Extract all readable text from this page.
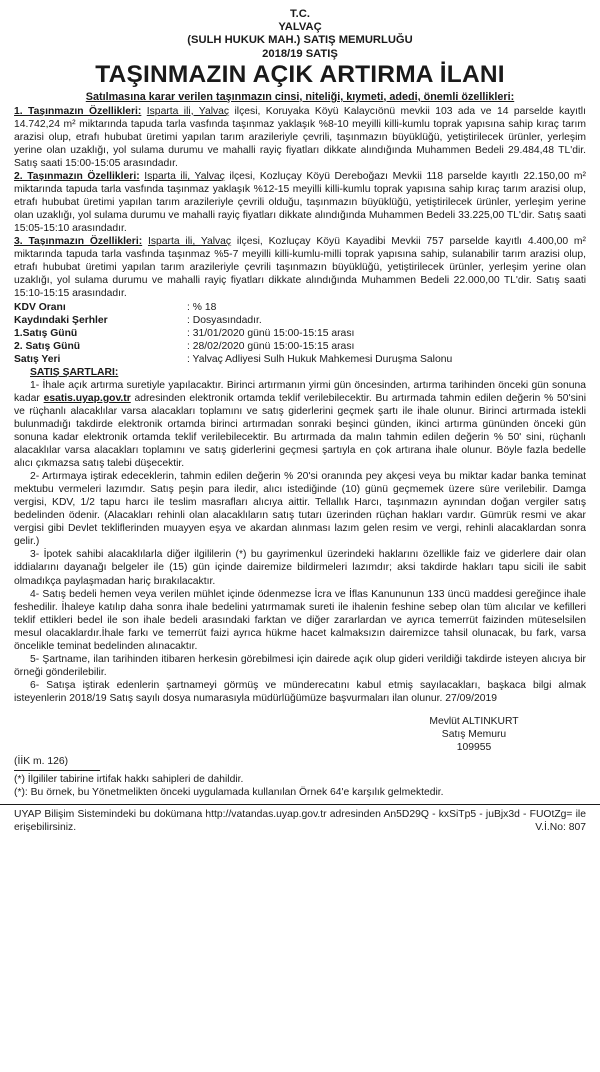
T.C.
YALVAÇ
(SULH HUKUK MAH.) SATIŞ MEMURLUĞU
2018/19 SATIŞ
TAŞINMAZIN AÇIK ARTIRMA İLANI
Satılmasına karar verilen taşınmazın cinsi, niteliği, kıymeti, adedi, önemli özellikleri:

1. Taşınmazın Özellikleri: Isparta ili, Yalvaç ilçesi, Koruyaka Köyü Kalaycıönü mevkii 103 ada ve 14 parselde kayıtlı 14.742,24 m² miktarında tapuda tarla vasfında taşınmaz yaklaşık %8-10 meyilli killi-kumlu toprak yapısına sahip kıraç tarım arazisi olup, etrafı hububat üretimi yapılan tarım arazileriyle çevrili, taşınmazın büyüklüğü, yetiştirilecek ürünler, yerleşim yerine olan uzaklığı, yol sulama durumu ve mahalli rayiç fiyatları dikkate alındığında Muhammen Bedeli 29.484,48 TL'dir. Satış saati 15:00-15:05 arasındadır.

2. Taşınmazın Özellikleri: Isparta ili, Yalvaç ilçesi, Kozluçay Köyü Dereboğazı Mevkii 118 parselde kayıtlı 22.150,00 m² miktarında tapuda tarla vasfında taşınmaz yaklaşık %12-15 meyilli killi-kumlu toprak yapısına sahip kıraç tarım arazisi olup, etrafı hububat üretimi yapılan tarım arazileriyle çevrili olduğu, taşınmazın büyüklüğü, yetiştirilecek ürünler, yerleşim yerine olan uzaklığı, yol sulama durumu ve mahalli rayiç fiyatları dikkate alındığında Muhammen Bedeli 33.225,00 TL'dir. Satış saati 15:05-15:10 arasındadır.

3. Taşınmazın Özellikleri: Isparta ili, Yalvaç ilçesi, Kozluçay Köyü Kayadibi Mevkii 757 parselde kayıtlı 4.400,00 m² miktarında tapuda tarla vasfında taşınmaz %5-7 meyilli killi-kumlu-milli toprak yapısına sahip, sulanabilir tarım arazisi olup, etrafı hububat üretimi yapılan tarım arazileriyle çevrili taşınmazın büyüklüğü, yetiştirilecek ürünler, yerleşim yerine olan uzaklığı, yol sulama durumu ve mahalli rayiç fiyatları dikkate alındığında Muhammen Bedeli 22.000,00 TL'dir. Satış saati 15:10-15:15 arasındadır.

KDV Oranı	: % 18
Kaydındaki Şerhler	: Dosyasındadır.
1.Satış Günü	: 31/01/2020 günü 15:00-15:15 arası
2. Satış Günü	: 28/02/2020 günü 15:00-15:15 arası
Satış Yeri	: Yalvaç Adliyesi Sulh Hukuk Mahkemesi Duruşma Salonu
SATIŞ ŞARTLARI:

1- İhale açık artırma suretiyle yapılacaktır. Birinci artırmanın yirmi gün öncesinden, artırma tarihinden önceki gün sonuna kadar esatis.uyap.gov.tr adresinden elektronik ortamda teklif verilebilecektir. Bu artırmada tahmin edilen değerin % 50'sini ve rüçhanlı alacaklılar varsa alacakları toplamını ve satış giderlerini geçmek şartı ile ihale olunur. Birinci artırmada istekli bulunmadığı takdirde elektronik ortamda birinci artırmadan sonraki beşinci günden, ikinci artırma gününden önceki gün sonuna kadar elektronik ortamda teklif verilebilecektir. Bu artırmada da malın tahmin edilen değerin % 50' sini, rüçhanlı alacaklılar varsa alacakları toplamını ve satış giderlerini geçmesi şartıyla en çok artırana ihale olunur. Böyle fazla bedelle alıcı çıkmazsa satış talebi düşecektir.

2- Artırmaya iştirak edeceklerin, tahmin edilen değerin % 20'si oranında pey akçesi veya bu miktar kadar banka teminat mektubu vermeleri lazımdır. Satış peşin para iledir, alıcı istediğinde (10) günü geçmemek üzere süre verilebilir. Damga vergisi, KDV, 1/2 tapu harcı ile teslim masrafları alıcıya aittir. Tellallık Harcı, taşınmazın aynından doğan vergiler satış bedelinden ödenir. (Alacakları rehinli olan alacaklıların satış tutarı üzerinden rüçhan hakları vardır. Gümrük resmi ve akar vergisi gibi Devlet tekliflerinden muayyen eşya ve akardan alınması lazım gelen resim ve vergi, rehinli alacaklardan sonra gelir.)

3- İpotek sahibi alacaklılarla diğer ilgililerin (*) bu gayrimenkul üzerindeki haklarını özellikle faiz ve giderlere dair olan iddialarını dayanağı belgeler ile (15) gün içinde dairemize bildirmeleri lazımdır; aksi takdirde hakları tapu sicili ile sabit olmadıkça paylaşmadan hariç bırakılacaktır.

4- Satış bedeli hemen veya verilen mühlet içinde ödenmezse İcra ve İflas Kanununun 133 üncü maddesi gereğince ihale feshedilir. İhaleye katılıp daha sonra ihale bedelini yatırmamak sureti ile ihalenin feshine sebep olan tüm alıcılar ve kefilleri teklif ettikleri bedel ile son ihale bedeli arasındaki farktan ve diğer zararlardan ve ayrıca temerrüt faizinden müteselsilen mesul olacaklardır.İhale farkı ve temerrüt faizi ayrıca hükme hacet kalmaksızın dairemizce tahsil olunacak, bu fark, varsa öncelikle teminat bedelinden alınacaktır.

5- Şartname, ilan tarihinden itibaren herkesin görebilmesi için dairede açık olup gideri verildiği takdirde isteyen alıcıya bir örneği gönderilebilir.

6- Satışa iştirak edenlerin şartnameyi görmüş ve münderecatını kabul etmiş sayılacakları, başkaca bilgi almak isteyenlerin 2018/19 Satış sayılı dosya numarasıyla müdürlüğümüze başvurmaları ilan olunur. 27/09/2019

Mevlüt ALTINKURT
Satış Memuru
109955
(İİK m. 126)
(*) İlgililer tabirine irtifak hakkı sahipleri de dahildir.
(*): Bu örnek, bu Yönetmelikten önceki uygulamada kullanılan Örnek 64'e karşılık gelmektedir.
UYAP Bilişim Sistemindeki bu dokümana http://vatandas.uyap.gov.tr adresinden An5D29Q - kxSiTp5 - juBjx3d - FUOtZg= ile erişebilirsiniz.	V.İ.No: 807
